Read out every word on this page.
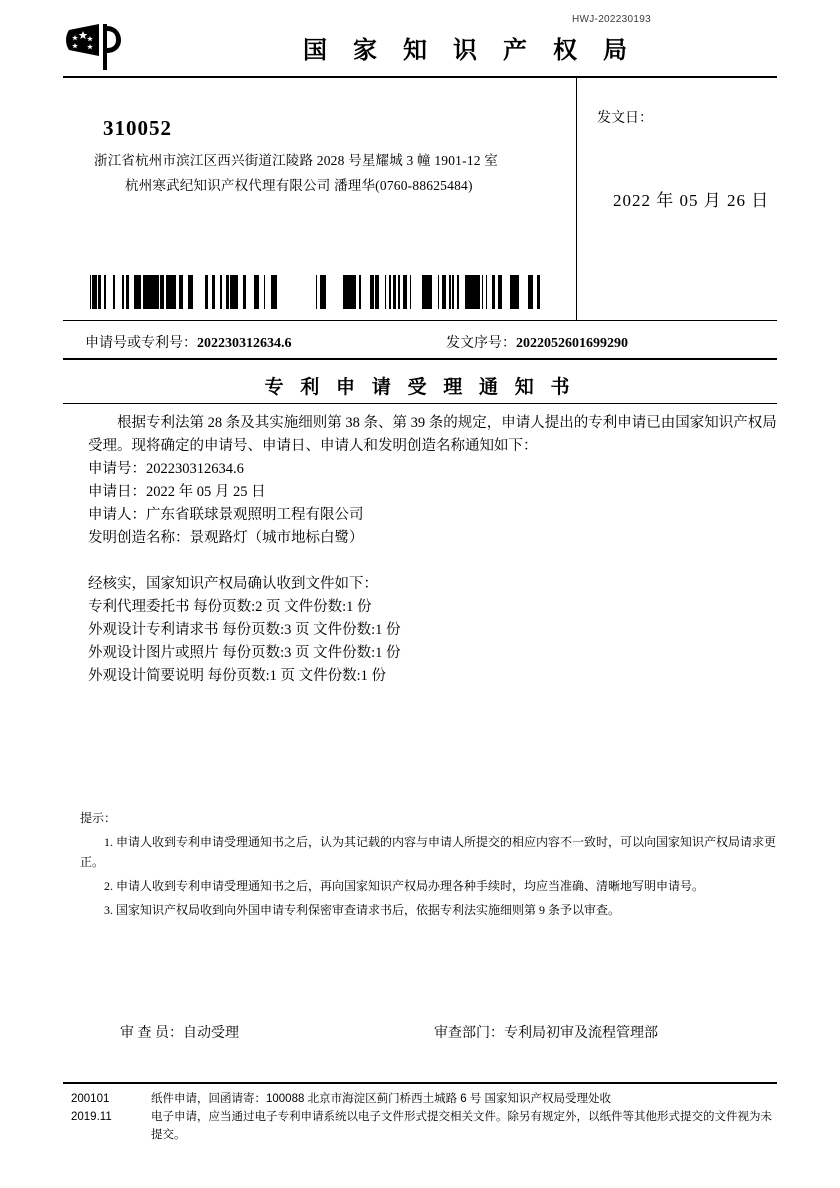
HWJ-202230193
国 家 知 识 产 权 局
310052
浙江省杭州市滨江区西兴街道江陵路 2028 号星耀城 3 幢 1901-12 室
杭州寒武纪知识产权代理有限公司 潘理华(0760-88625484)
发文日：
2022 年 05 月 26 日
申请号或专利号：202230312634.6	发文序号：2022052601699290
专 利 申 请 受 理 通 知 书

根据专利法第 28 条及其实施细则第 38 条、第 39 条的规定，申请人提出的专利申请已由国家知识产权局受理。现将确定的申请号、申请日、申请人和发明创造名称通知如下：

申请号：202230312634.6

申请日：2022 年 05 月 25 日

申请人：广东省联球景观照明工程有限公司

发明创造名称：景观路灯（城市地标白鹭）

经核实，国家知识产权局确认收到文件如下：

专利代理委托书 每份页数:2 页 文件份数:1 份

外观设计专利请求书 每份页数:3 页 文件份数:1 份

外观设计图片或照片 每份页数:3 页 文件份数:1 份

外观设计简要说明 每份页数:1 页 文件份数:1 份

提示：

1. 申请人收到专利申请受理通知书之后，认为其记载的内容与申请人所提交的相应内容不一致时，可以向国家知识产权局请求更正。

2. 申请人收到专利申请受理通知书之后，再向国家知识产权局办理各种手续时，均应当准确、清晰地写明申请号。

3. 国家知识产权局收到向外国申请专利保密审查请求书后，依据专利法实施细则第 9 条予以审查。

审 查 员：自动受理	审查部门：专利局初审及流程管理部
200101
2019.11
纸件申请，回函请寄：100088 北京市海淀区蓟门桥西土城路 6 号 国家知识产权局受理处收
电子申请，应当通过电子专利申请系统以电子文件形式提交相关文件。除另有规定外，以纸件等其他形式提交的文件视为未提交。
